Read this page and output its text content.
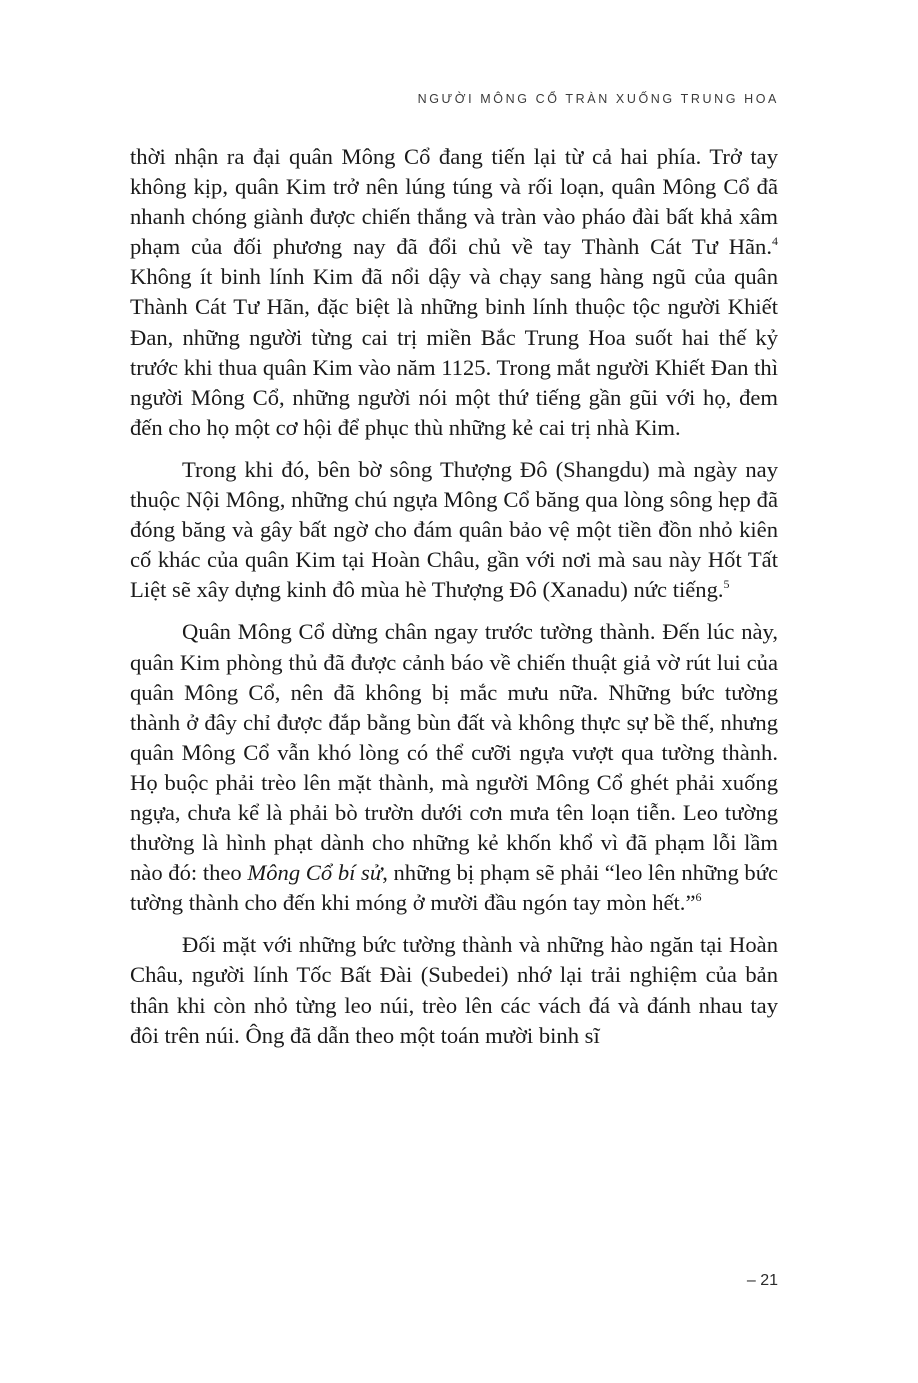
NGƯỜI MÔNG CỔ TRÀN XUỐNG TRUNG HOA

thời nhận ra đại quân Mông Cổ đang tiến lại từ cả hai phía. Trở tay không kịp, quân Kim trở nên lúng túng và rối loạn, quân Mông Cổ đã nhanh chóng giành được chiến thắng và tràn vào pháo đài bất khả xâm phạm của đối phương nay đã đổi chủ về tay Thành Cát Tư Hãn.$^4$ Không ít binh lính Kim đã nổi dậy và chạy sang hàng ngũ của quân Thành Cát Tư Hãn, đặc biệt là những binh lính thuộc tộc người Khiết Đan, những người từng cai trị miền Bắc Trung Hoa suốt hai thế kỷ trước khi thua quân Kim vào năm 1125. Trong mắt người Khiết Đan thì người Mông Cổ, những người nói một thứ tiếng gần gũi với họ, đem đến cho họ một cơ hội để phục thù những kẻ cai trị nhà Kim.

Trong khi đó, bên bờ sông Thượng Đô (Shangdu) mà ngày nay thuộc Nội Mông, những chú ngựa Mông Cổ băng qua lòng sông hẹp đã đóng băng và gây bất ngờ cho đám quân bảo vệ một tiền đồn nhỏ kiên cố khác của quân Kim tại Hoàn Châu, gần với nơi mà sau này Hốt Tất Liệt sẽ xây dựng kinh đô mùa hè Thượng Đô (Xanadu) nức tiếng.$^5$

Quân Mông Cổ dừng chân ngay trước tường thành. Đến lúc này, quân Kim phòng thủ đã được cảnh báo về chiến thuật giả vờ rút lui của quân Mông Cổ, nên đã không bị mắc mưu nữa. Những bức tường thành ở đây chỉ được đắp bằng bùn đất và không thực sự bề thế, nhưng quân Mông Cổ vẫn khó lòng có thể cưỡi ngựa vượt qua tường thành. Họ buộc phải trèo lên mặt thành, mà người Mông Cổ ghét phải xuống ngựa, chưa kể là phải bò trườn dưới cơn mưa tên loạn tiễn. Leo tường thường là hình phạt dành cho những kẻ khốn khổ vì đã phạm lỗi lầm nào đó: theo Mông Cổ bí sử, những bị phạm sẽ phải “leo lên những bức tường thành cho đến khi móng ở mười đầu ngón tay mòn hết.”$^6$

Đối mặt với những bức tường thành và những hào ngăn tại Hoàn Châu, người lính Tốc Bất Đài (Subedei) nhớ lại trải nghiệm của bản thân khi còn nhỏ từng leo núi, trèo lên các vách đá và đánh nhau tay đôi trên núi. Ông đã dẫn theo một toán mười binh sĩ

– 21
